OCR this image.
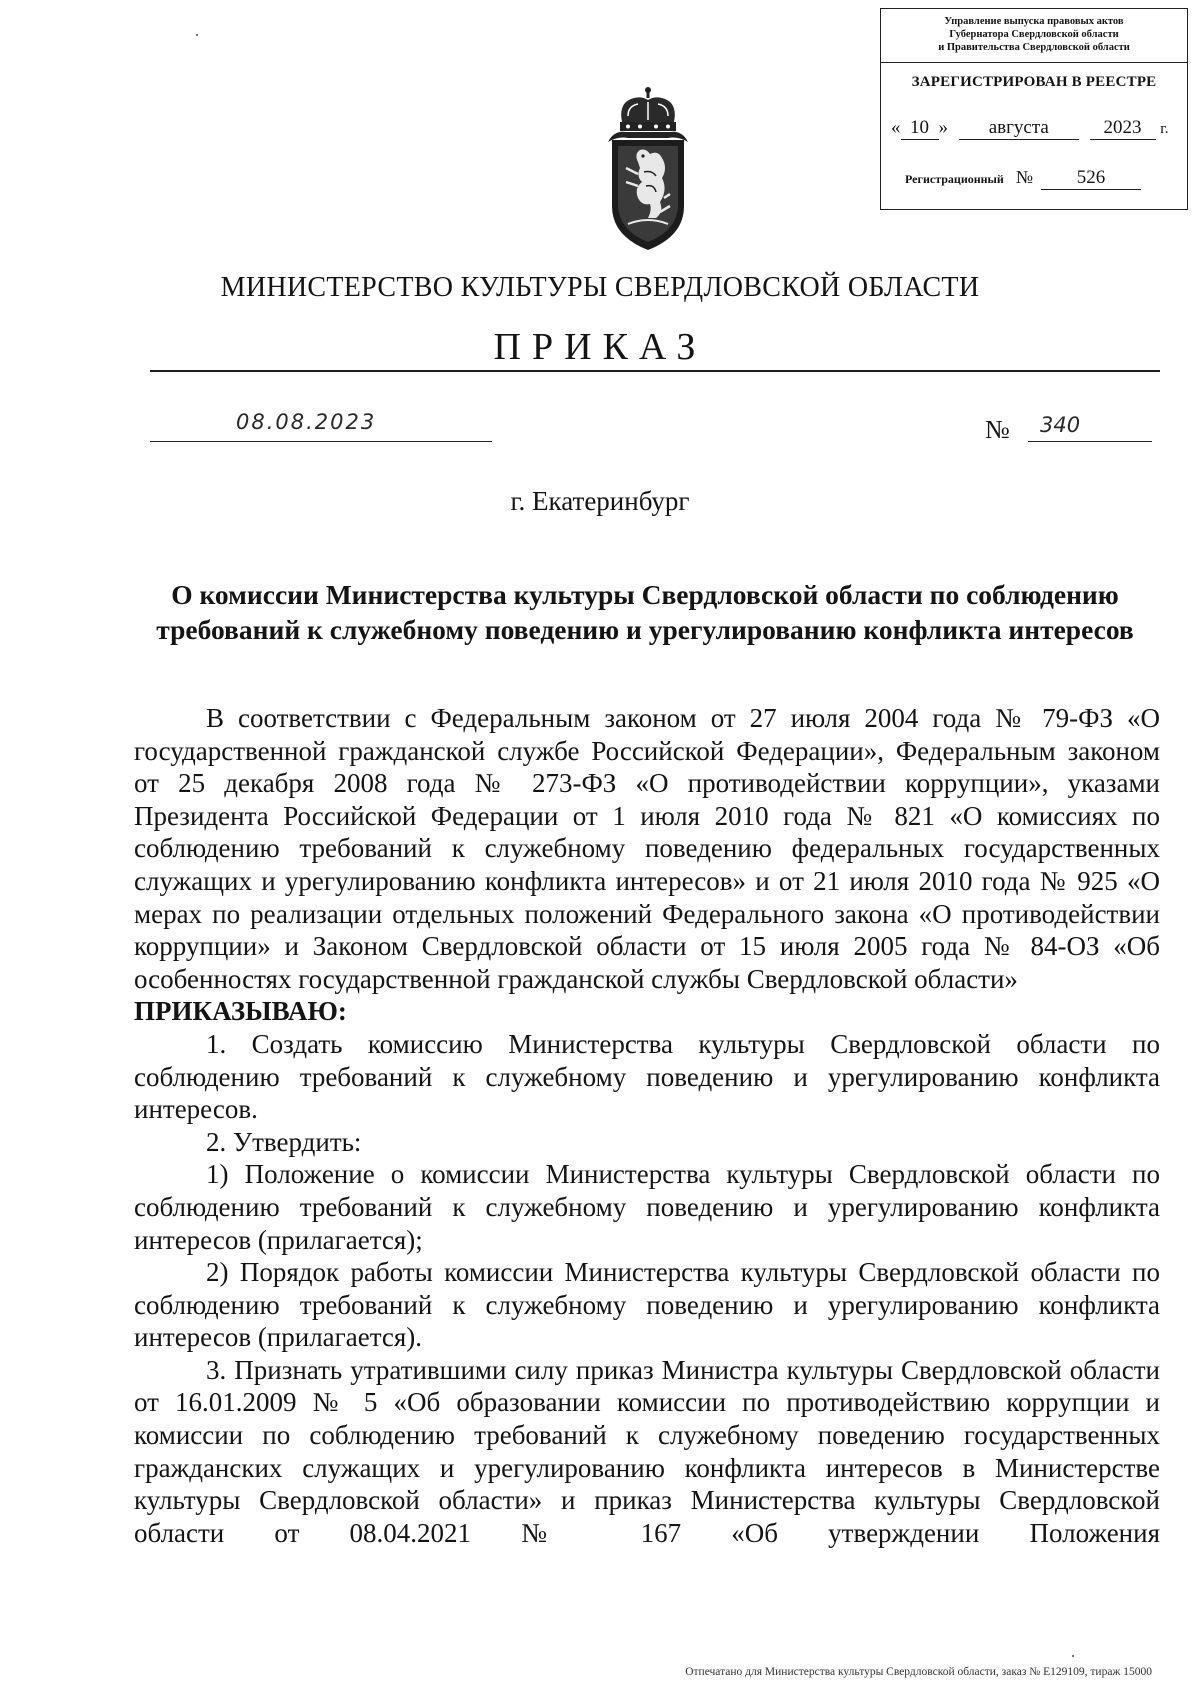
Управление выпуска правовых актов
Губернатора Свердловской области
и Правительства Свердловской области
ЗАРЕГИСТРИРОВАН В РЕЕСТРЕ
« 10 » августа	2023 г.
Регистрационный № 526
МИНИСТЕРСТВО КУЛЬТУРЫ СВЕРДЛОВСКОЙ ОБЛАСТИ
ПРИКАЗ
08.08.2023	№ 340
г. Екатеринбург
О комиссии Министерства культуры Свердловской области по соблюдению
требований к служебному поведению и урегулированию конфликта интересов

В соответствии с Федеральным законом от 27 июля 2004 года № 79-ФЗ «О государственной гражданской службе Российской Федерации», Федеральным законом от 25 декабря 2008 года № 273-ФЗ «О противодействии коррупции», указами Президента Российской Федерации от 1 июля 2010 года № 821 «О комиссиях по соблюдению требований к служебному поведению федеральных государственных служащих и урегулированию конфликта интересов» и от 21 июля 2010 года № 925 «О мерах по реализации отдельных положений Федерального закона «О противодействии коррупции» и Законом Свердловской области от 15 июля 2005 года № 84-ОЗ «Об особенностях государственной гражданской службы Свердловской области»

ПРИКАЗЫВАЮ:

1. Создать комиссию Министерства культуры Свердловской области по соблюдению требований к служебному поведению и урегулированию конфликта интересов.

2. Утвердить:

1) Положение о комиссии Министерства культуры Свердловской области по соблюдению требований к служебному поведению и урегулированию конфликта интересов (прилагается);

2) Порядок работы комиссии Министерства культуры Свердловской области по соблюдению требований к служебному поведению и урегулированию конфликта интересов (прилагается).

3. Признать утратившими силу приказ Министра культуры Свердловской области от 16.01.2009 № 5 «Об образовании комиссии по противодействию коррупции и комиссии по соблюдению требований к служебному поведению государственных гражданских служащих и урегулированию конфликта интересов в Министерстве культуры Свердловской области» и приказ Министерства культуры Свердловской области от 08.04.2021 № 167 «Об утверждении Положения

Отпечатано для Министерства культуры Свердловской области, заказ № Е129109, тираж 15000
